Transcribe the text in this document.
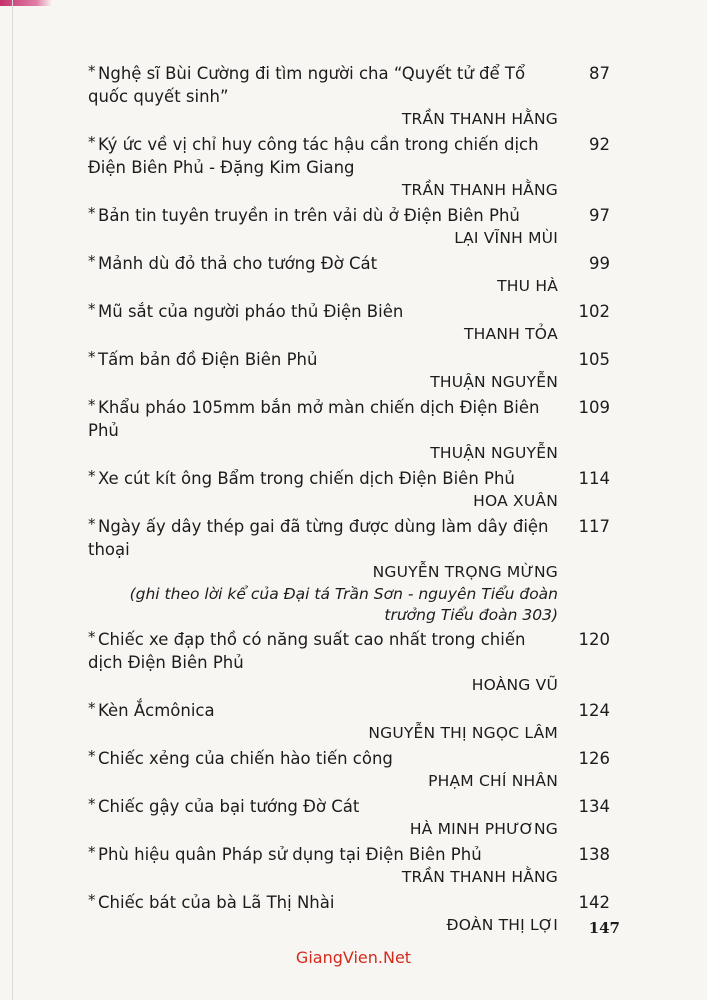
* Nghệ sĩ Bùi Cường đi tìm người cha “Quyết tử để Tổ quốc quyết sinh”
87
TRẦN THANH HẰNG
* Ký ức về vị chỉ huy công tác hậu cần trong chiến dịch Điện Biên Phủ - Đặng Kim Giang
92
TRẦN THANH HẰNG
* Bản tin tuyên truyền in trên vải dù ở Điện Biên Phủ	97
LẠI VĨNH MÙI
* Mảnh dù đỏ thả cho tướng Đờ Cát	99
THU HÀ
* Mũ sắt của người pháo thủ Điện Biên	102
THANH TỎA
* Tấm bản đồ Điện Biên Phủ	105
THUẬN NGUYỄN
* Khẩu pháo 105mm bắn mở màn chiến dịch Điện Biên Phủ
109
THUẬN NGUYỄN
* Xe cút kít ông Bẩm trong chiến dịch Điện Biên Phủ	114
HOA XUÂN
* Ngày ấy dây thép gai đã từng được dùng làm dây điện thoại
117
NGUYỄN TRỌNG MỪNG
(ghi theo lời kể của Đại tá Trần Sơn - nguyên Tiểu đoàn trưởng Tiểu đoàn 303)
* Chiếc xe đạp thồ có năng suất cao nhất trong chiến dịch Điện Biên Phủ
120
HOÀNG VŨ
* Kèn Ắcmônica	124
NGUYỄN THỊ NGỌC LÂM
* Chiếc xẻng của chiến hào tiến công	126
PHẠM CHÍ NHÂN
* Chiếc gậy của bại tướng Đờ Cát	134
HÀ MINH PHƯƠNG
* Phù hiệu quân Pháp sử dụng tại Điện Biên Phủ	138
TRẦN THANH HẰNG
* Chiếc bát của bà Lã Thị Nhài	142
ĐOÀN THỊ LỢI	147
GiangVien.Net
